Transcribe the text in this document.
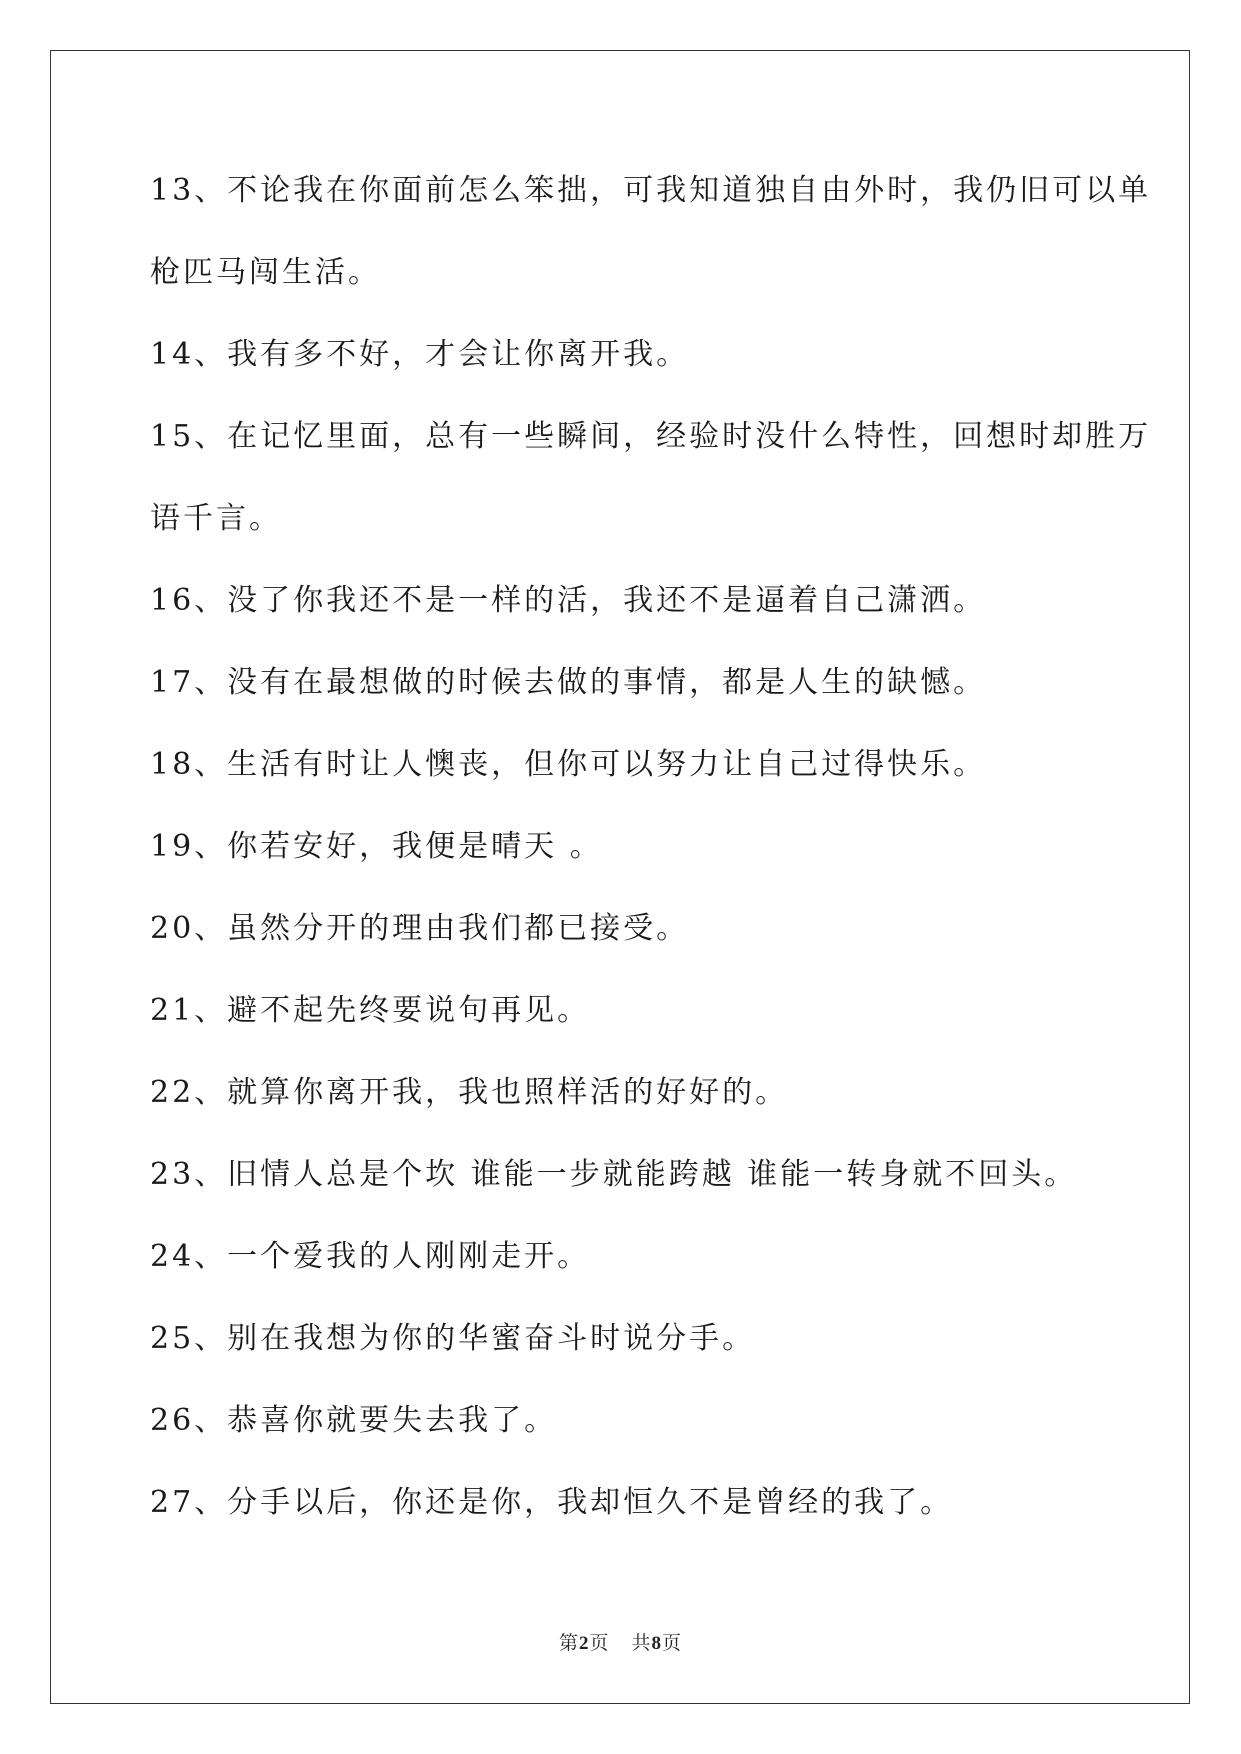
13、不论我在你面前怎么笨拙，可我知道独自由外时，我仍旧可以单
枪匹马闯生活。
14、我有多不好，才会让你离开我。
15、在记忆里面，总有一些瞬间，经验时没什么特性，回想时却胜万
语千言。
16、没了你我还不是一样的活，我还不是逼着自己潇洒。
17、没有在最想做的时候去做的事情，都是人生的缺憾。
18、生活有时让人懊丧，但你可以努力让自己过得快乐。
19、你若安好，我便是晴天 。
20、虽然分开的理由我们都已接受。
21、避不起先终要说句再见。
22、就算你离开我，我也照样活的好好的。
23、旧情人总是个坎 谁能一步就能跨越 谁能一转身就不回头。
24、一个爱我的人刚刚走开。
25、别在我想为你的华蜜奋斗时说分手。
26、恭喜你就要失去我了。
27、分手以后，你还是你，我却恒久不是曾经的我了。
第2页 共8页
